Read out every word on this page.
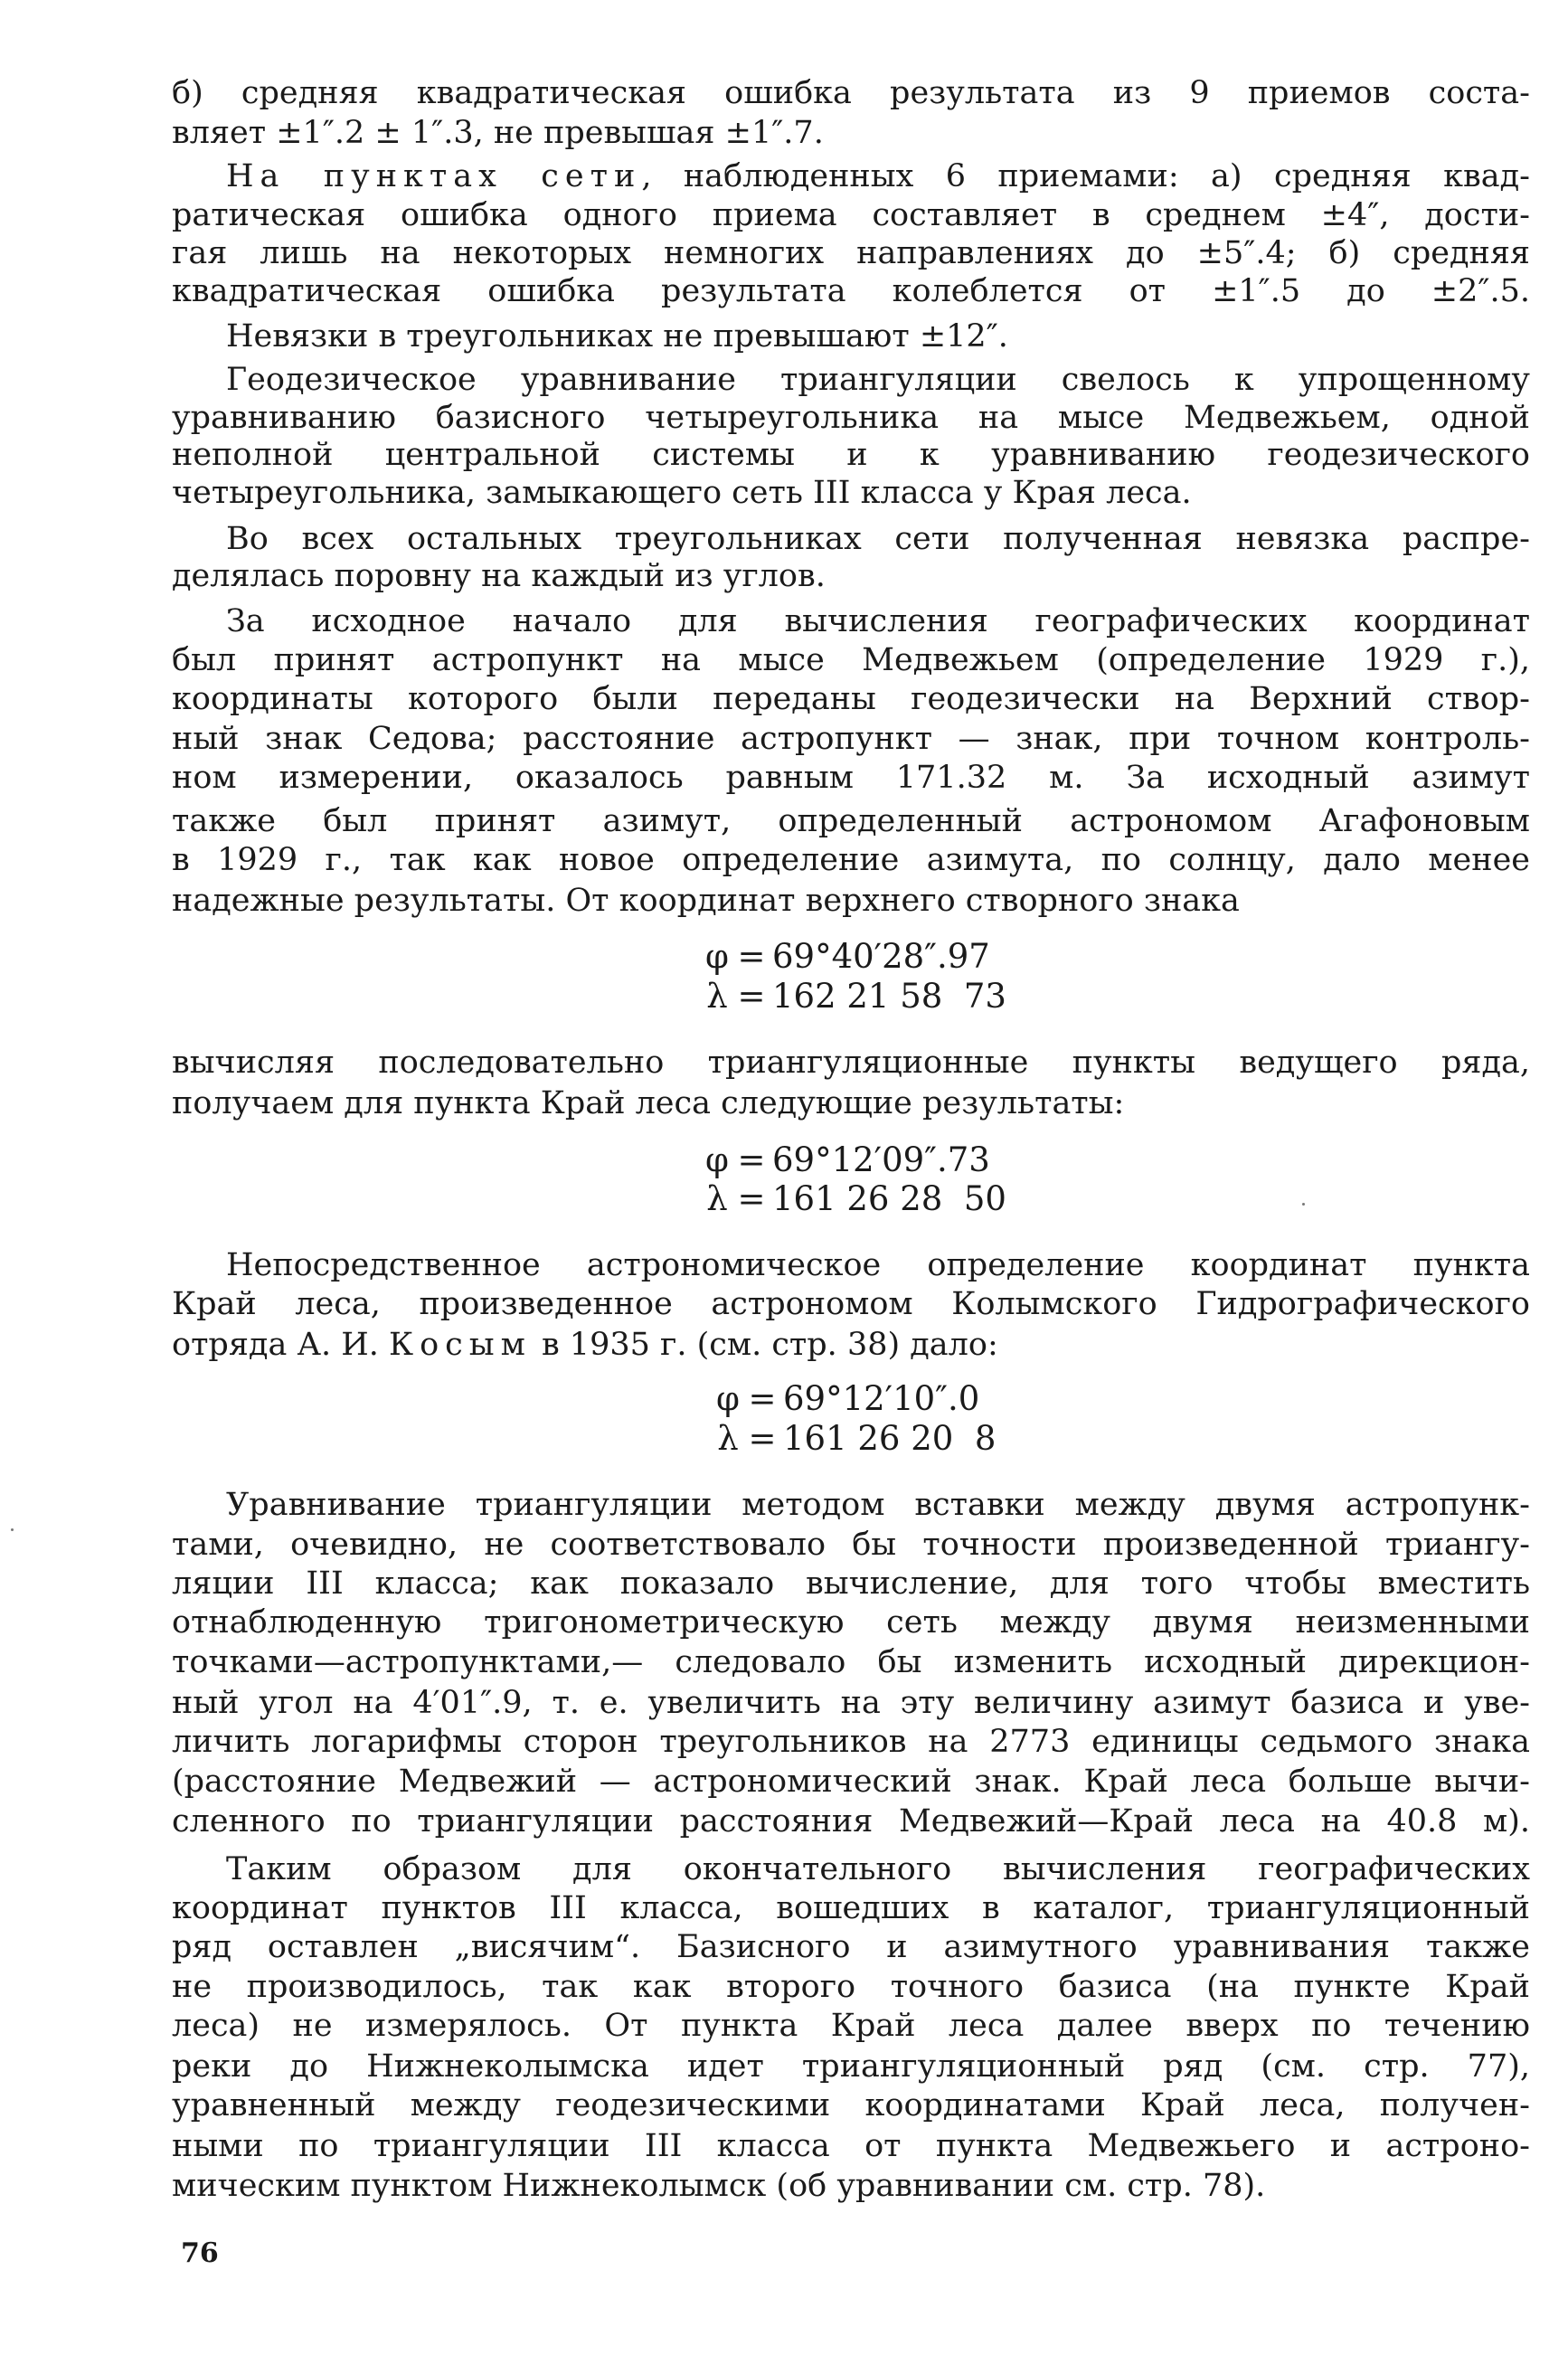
б) средняя квадратическая ошибка результата из 9 приемов соста-
вляет ±1″.2 ± 1″.3, не превышая ±1″.7.
На пунктах сети, наблюденных 6 приемами: а) средняя квад-
ратическая ошибка одного приема составляет в среднем ±4″, дости-
гая лишь на некоторых немногих направлениях до ±5″.4; б) средняя
квадратическая ошибка результата колеблется от ±1″.5 до ±2″.5.
Невязки в треугольниках не превышают ±12″.
Геодезическое уравнивание триангуляции свелось к упрощенному
уравниванию базисного четыреугольника на мысе Медвежьем, одной
неполной центральной системы и к уравниванию геодезического
четыреугольника, замыкающего сеть III класса у Края леса.
Во всех остальных треугольниках сети полученная невязка распре-
делялась поровну на каждый из углов.
За исходное начало для вычисления географических координат
был принят астропункт на мысе Медвежьем (определение 1929 г.),
координаты которого были переданы геодезически на Верхний створ-
ный знак Седова; расстояние астропункт — знак, при точном контроль-
ном измерении, оказалось равным 171.32 м. За исходный азимут
также был принят азимут, определенный астрономом Агафоновым
в 1929 г., так как новое определение азимута, по солнцу, дало менее
надежные результаты. От координат верхнего створного знака
φ = 69°40′28″.97
λ = 162 21 58  73
вычисляя последовательно триангуляционные пункты ведущего ряда,
получаем для пункта Край леса следующие результаты:
φ = 69°12′09″.73
λ = 161 26 28  50
Непосредственное астрономическое определение координат пункта
Край леса, произведенное астрономом Колымского Гидрографического
отряда А. И. Косым в 1935 г. (см. стр. 38) дало:
φ = 69°12′10″.0
λ = 161 26 20  8
Уравнивание триангуляции методом вставки между двумя астропунк-
тами, очевидно, не соответствовало бы точности произведенной триангу-
ляции III класса; как показало вычисление, для того чтобы вместить
отнаблюденную тригонометрическую сеть между двумя неизменными
точками—астропунктами,— следовало бы изменить исходный дирекцион-
ный угол на 4′01″.9, т. е. увеличить на эту величину азимут базиса и уве-
личить логарифмы сторон треугольников на 2773 единицы седьмого знака
(расстояние Медвежий — астрономический знак. Край леса больше вычи-
сленного по триангуляции расстояния Медвежий—Край леса на 40.8 м).
Таким образом для окончательного вычисления географических
координат пунктов III класса, вошедших в каталог, триангуляционный
ряд оставлен „висячим“. Базисного и азимутного уравнивания также
не производилось, так как второго точного базиса (на пункте Край
леса) не измерялось. От пункта Край леса далее вверх по течению
реки до Нижнеколымска идет триангуляционный ряд (см. стр. 77),
уравненный между геодезическими координатами Край леса, получен-
ными по триангуляции III класса от пункта Медвежьего и астроно-
мическим пунктом Нижнеколымск (об уравнивании см. стр. 78).
76
